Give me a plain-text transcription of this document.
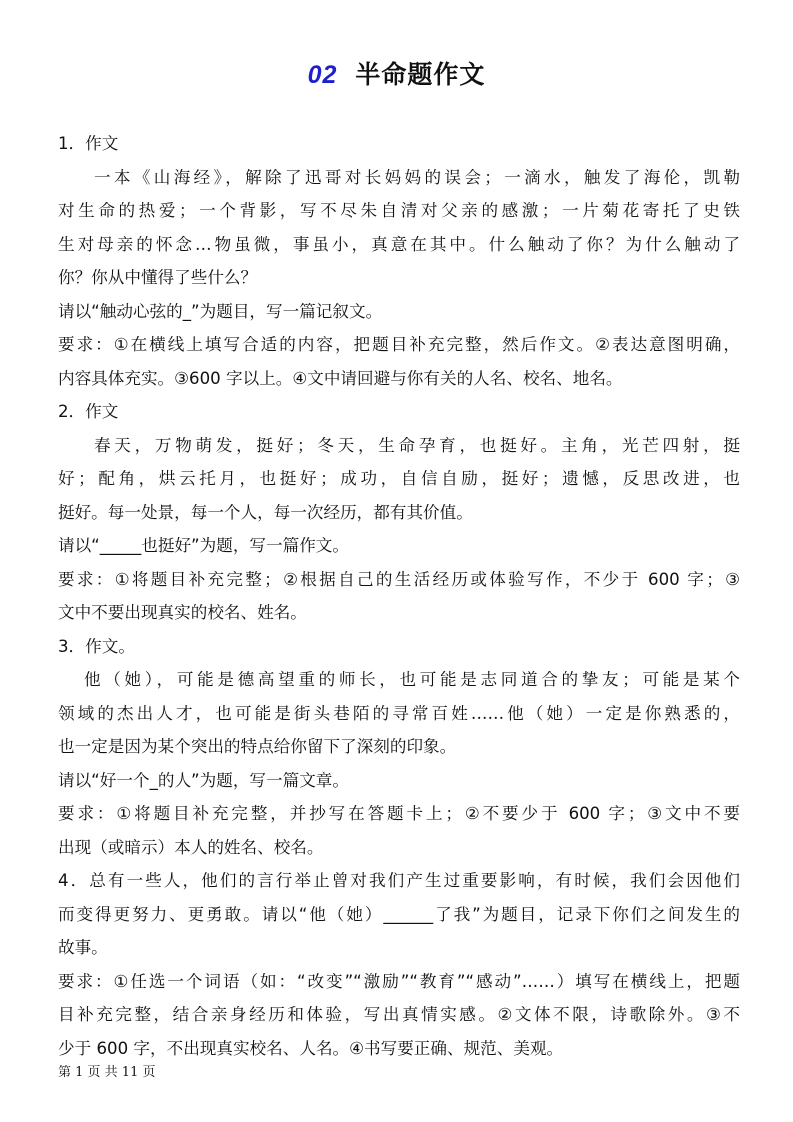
02 半命题作文
1．作文
一本《山海经》，解除了迅哥对长妈妈的误会；一滴水，触发了海伦，凯勒
对生命的热爱；一个背影，写不尽朱自清对父亲的感激；一片菊花寄托了史铁
生对母亲的怀念…物虽微，事虽小，真意在其中。什么触动了你？为什么触动了
你？你从中懂得了些什么？
请以“触动心弦的_”为题目，写一篇记叙文。
要求：①在横线上填写合适的内容，把题目补充完整，然后作文。②表达意图明确，
内容具体充实。③600 字以上。④文中请回避与你有关的人名、校名、地名。
2．作文
春天，万物萌发，挺好；冬天，生命孕育，也挺好。主角，光芒四射，挺
好；配角，烘云托月，也挺好；成功，自信自励，挺好；遗憾，反思改进，也
挺好。每一处景，每一个人，每一次经历，都有其价值。
请以“_____也挺好”为题，写一篇作文。
要求：①将题目补充完整；②根据自己的生活经历或体验写作，不少于 600 字；③
文中不要出现真实的校名、姓名。
3．作文。
他（她），可能是德高望重的师长，也可能是志同道合的挚友；可能是某个
领域的杰出人才，也可能是街头巷陌的寻常百姓……他（她）一定是你熟悉的，
也一定是因为某个突出的特点给你留下了深刻的印象。
请以“好一个_的人”为题，写一篇文章。
要求：①将题目补充完整，并抄写在答题卡上；②不要少于 600 字；③文中不要
出现（或暗示）本人的姓名、校名。
4．总有一些人，他们的言行举止曾对我们产生过重要影响，有时候，我们会因他们
而变得更努力、更勇敢。请以“他（她）______了我”为题目，记录下你们之间发生的
故事。
要求：①任选一个词语（如：“改变”“激励”“教育”“感动”……）填写在横线上，把题
目补充完整，结合亲身经历和体验，写出真情实感。②文体不限，诗歌除外。③不
少于 600 字，不出现真实校名、人名。④书写要正确、规范、美观。
第 1 页 共 11 页
